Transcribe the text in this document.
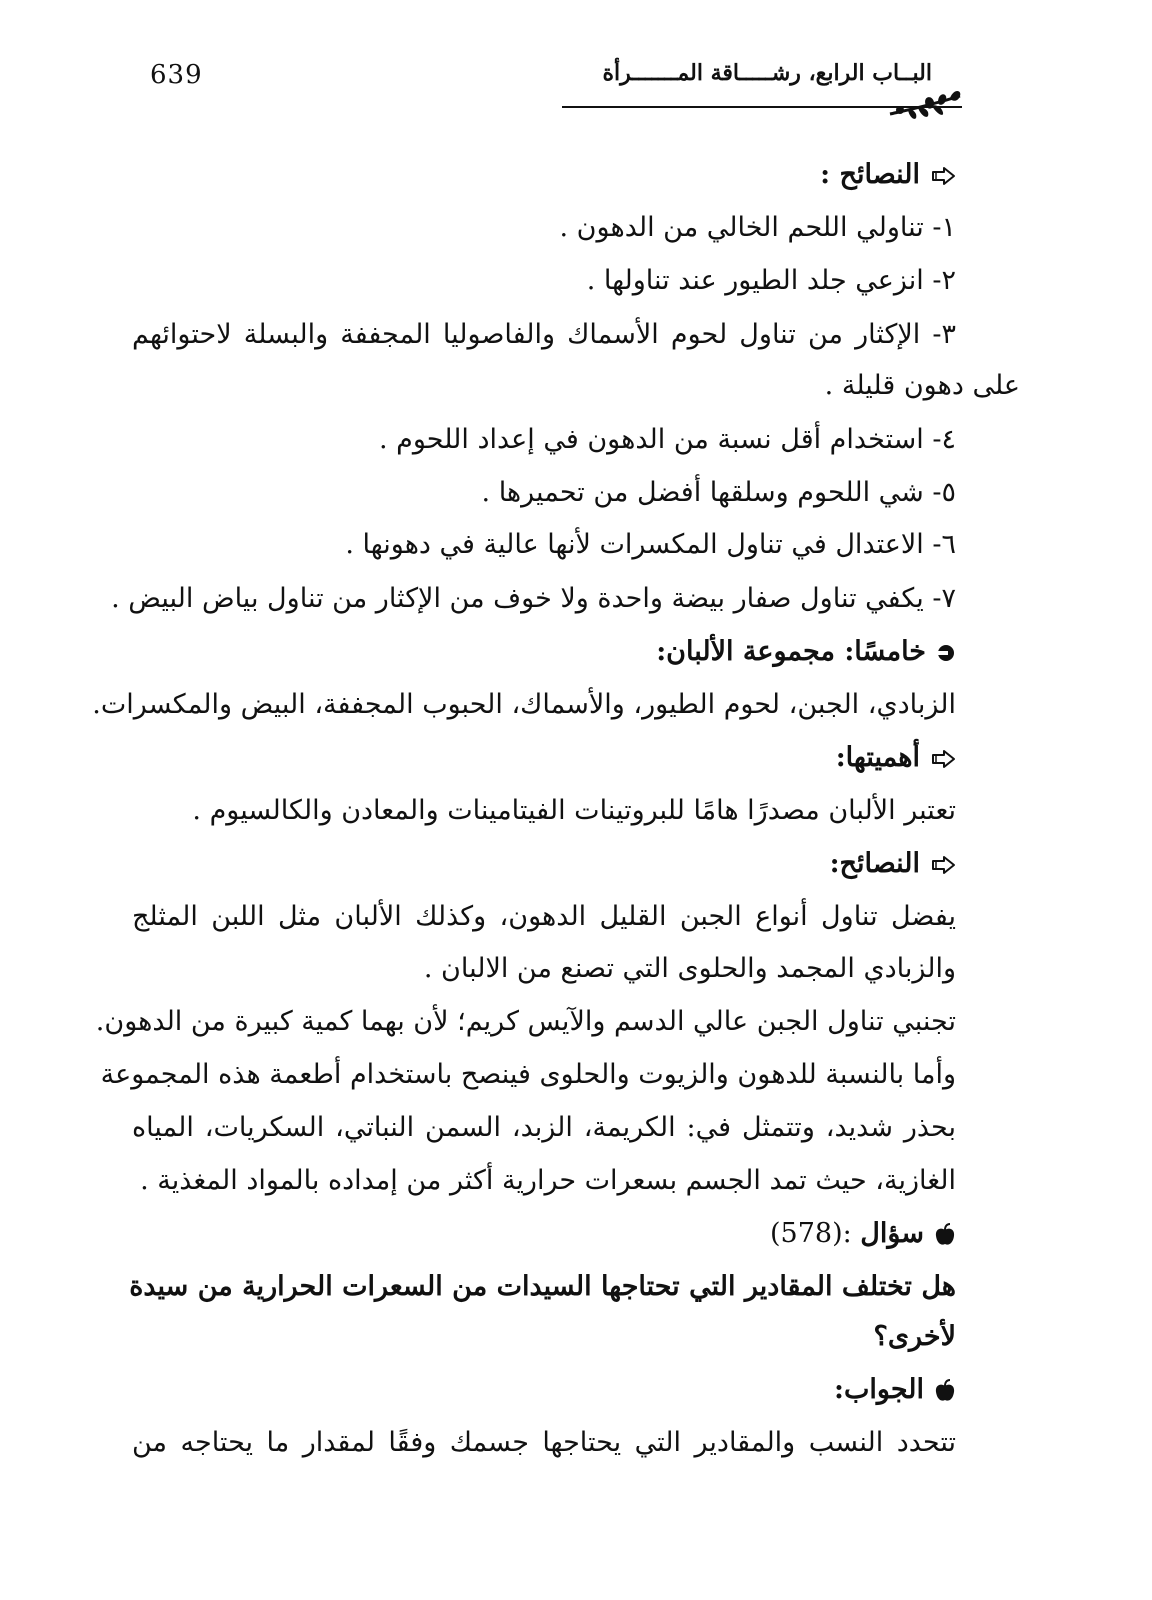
639	البــاب الرابع، رشـــــاقة المـــــــرأة
النصائح :
١- تناولي اللحم الخالي من الدهون .
٢- انزعي جلد الطيور عند تناولها .
٣- الإكثار من تناول لحوم الأسماك والفاصوليا المجففة والبسلة لاحتوائهم
على دهون قليلة .
٤- استخدام أقل نسبة من الدهون في إعداد اللحوم .
٥- شي اللحوم وسلقها أفضل من تحميرها .
٦- الاعتدال في تناول المكسرات لأنها عالية في دهونها .
٧- يكفي تناول صفار بيضة واحدة ولا خوف من الإكثار من تناول بياض البيض .
خامسًا: مجموعة الألبان:
الزبادي، الجبن، لحوم الطيور، والأسماك، الحبوب المجففة، البيض والمكسرات.
أهميتها:
تعتبر الألبان مصدرًا هامًا للبروتينات الفيتامينات والمعادن والكالسيوم .
النصائح:
يفضل تناول أنواع الجبن القليل الدهون، وكذلك الألبان مثل اللبن المثلج
والزبادي المجمد والحلوى التي تصنع من الالبان .
تجنبي تناول الجبن عالي الدسم والآيس كريم؛ لأن بهما كمية كبيرة من الدهون.
وأما بالنسبة للدهون والزيوت والحلوى فينصح باستخدام أطعمة هذه المجموعة
بحذر شديد، وتتمثل في: الكريمة، الزبد، السمن النباتي، السكريات، المياه
الغازية، حيث تمد الجسم بسعرات حرارية أكثر من إمداده بالمواد المغذية .
سؤال (578):
هل تختلف المقادير التي تحتاجها السيدات من السعرات الحرارية من سيدة
لأخرى؟
الجواب:
تتحدد النسب والمقادير التي يحتاجها جسمك وفقًا لمقدار ما يحتاجه من
